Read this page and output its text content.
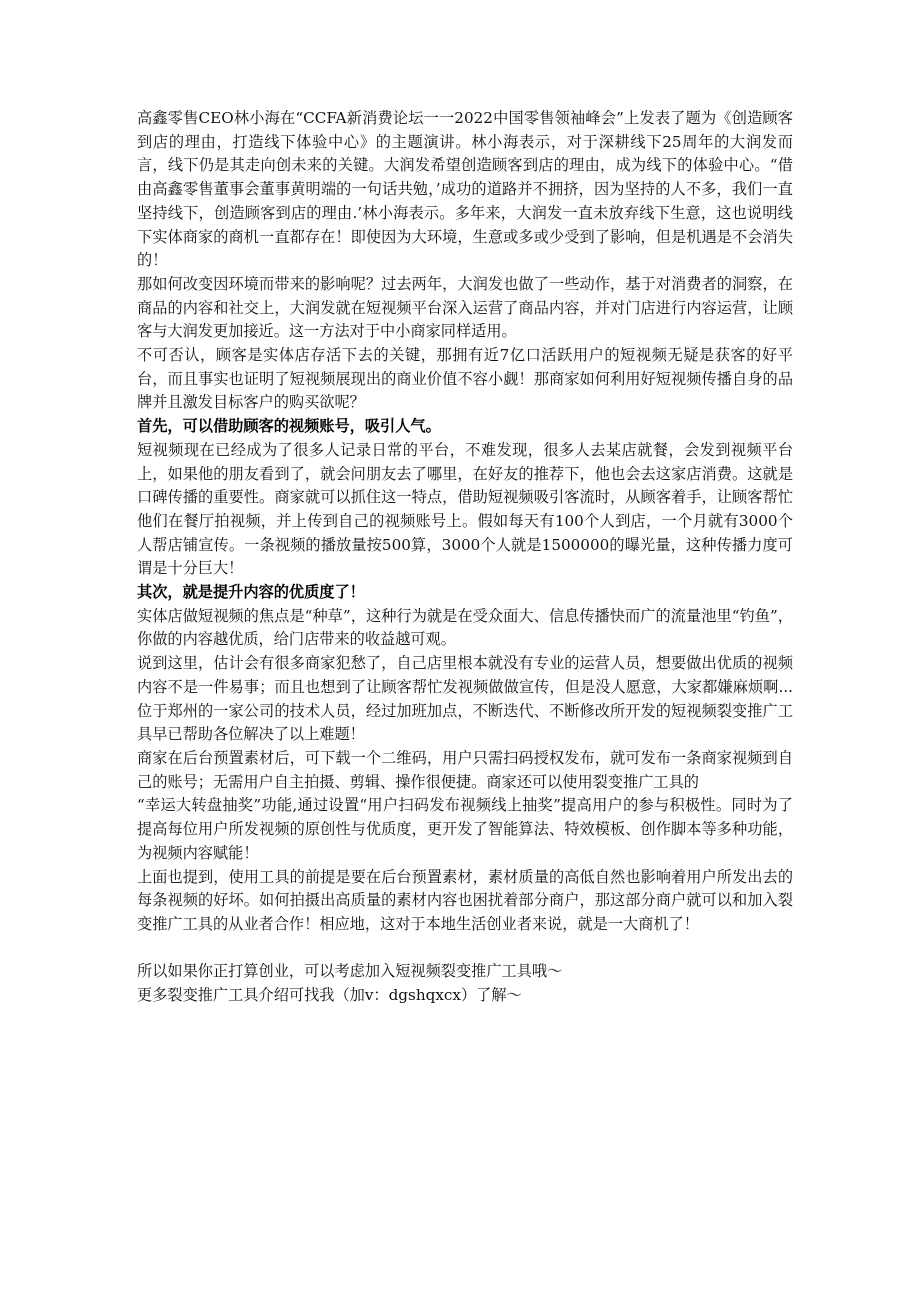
高鑫零售CEO林小海在“CCFA新消费论坛一一2022中国零售领袖峰会”上发表了题为《创造顾客到店的理由，打造线下体验中心》的主题演讲。林小海表示，对于深耕线下25周年的大润发而言，线下仍是其走向创未来的关键。大润发希望创造顾客到店的理由，成为线下的体验中心。“借由高鑫零售董事会董事黄明端的一句话共勉，’成功的道路并不拥挤，因为坚持的人不多，我们一直坚持线下，创造顾客到店的理由.’林小海表示。多年来，大润发一直未放弃线下生意，这也说明线下实体商家的商机一直都存在！即使因为大环境，生意或多或少受到了影响，但是机遇是不会消失的！

那如何改变因环境而带来的影响呢？过去两年，大润发也做了一些动作，基于对消费者的洞察，在商品的内容和社交上，大润发就在短视频平台深入运营了商品内容，并对门店进行内容运营，让顾客与大润发更加接近。这一方法对于中小商家同样适用。

不可否认，顾客是实体店存活下去的关键，那拥有近7亿口活跃用户的短视频无疑是获客的好平台，而且事实也证明了短视频展现出的商业价值不容小觑！那商家如何利用好短视频传播自身的品牌并且激发目标客户的购买欲呢？

首先，可以借助顾客的视频账号，吸引人气。

短视频现在已经成为了很多人记录日常的平台，不难发现，很多人去某店就餐，会发到视频平台上，如果他的朋友看到了，就会问朋友去了哪里，在好友的推荐下，他也会去这家店消费。这就是口碑传播的重要性。商家就可以抓住这一特点，借助短视频吸引客流时，从顾客着手，让顾客帮忙他们在餐厅拍视频，并上传到自己的视频账号上。假如每天有100个人到店，一个月就有3000个人帮店铺宣传。一条视频的播放量按500算，3000个人就是1500000的曝光量，这种传播力度可谓是十分巨大！

其次，就是提升内容的优质度了！

实体店做短视频的焦点是“种草”，这种行为就是在受众面大、信息传播快而广的流量池里“钓鱼”，你做的内容越优质，给门店带来的收益越可观。

说到这里，估计会有很多商家犯愁了，自己店里根本就没有专业的运营人员，想要做出优质的视频内容不是一件易事；而且也想到了让顾客帮忙发视频做做宣传，但是没人愿意，大家都嫌麻烦啊...位于郑州的一家公司的技术人员，经过加班加点，不断迭代、不断修改所开发的短视频裂变推广工具早已帮助各位解决了以上难题！

商家在后台预置素材后，可下载一个二维码，用户只需扫码授权发布，就可发布一条商家视频到自己的账号；无需用户自主拍摄、剪辑、操作很便捷。商家还可以使用裂变推广工具的

“幸运大转盘抽奖”功能,通过设置“用户扫码发布视频线上抽奖”提高用户的参与积极性。同时为了提高每位用户所发视频的原创性与优质度，更开发了智能算法、特效模板、创作脚本等多种功能，为视频内容赋能！

上面也提到，使用工具的前提是要在后台预置素材，素材质量的高低自然也影响着用户所发出去的每条视频的好坏。如何拍摄出高质量的素材内容也困扰着部分商户，那这部分商户就可以和加入裂变推广工具的从业者合作！相应地，这对于本地生活创业者来说，就是一大商机了！

所以如果你正打算创业，可以考虑加入短视频裂变推广工具哦～

更多裂变推广工具介绍可找我（加v：dgshqxcx）了解～
